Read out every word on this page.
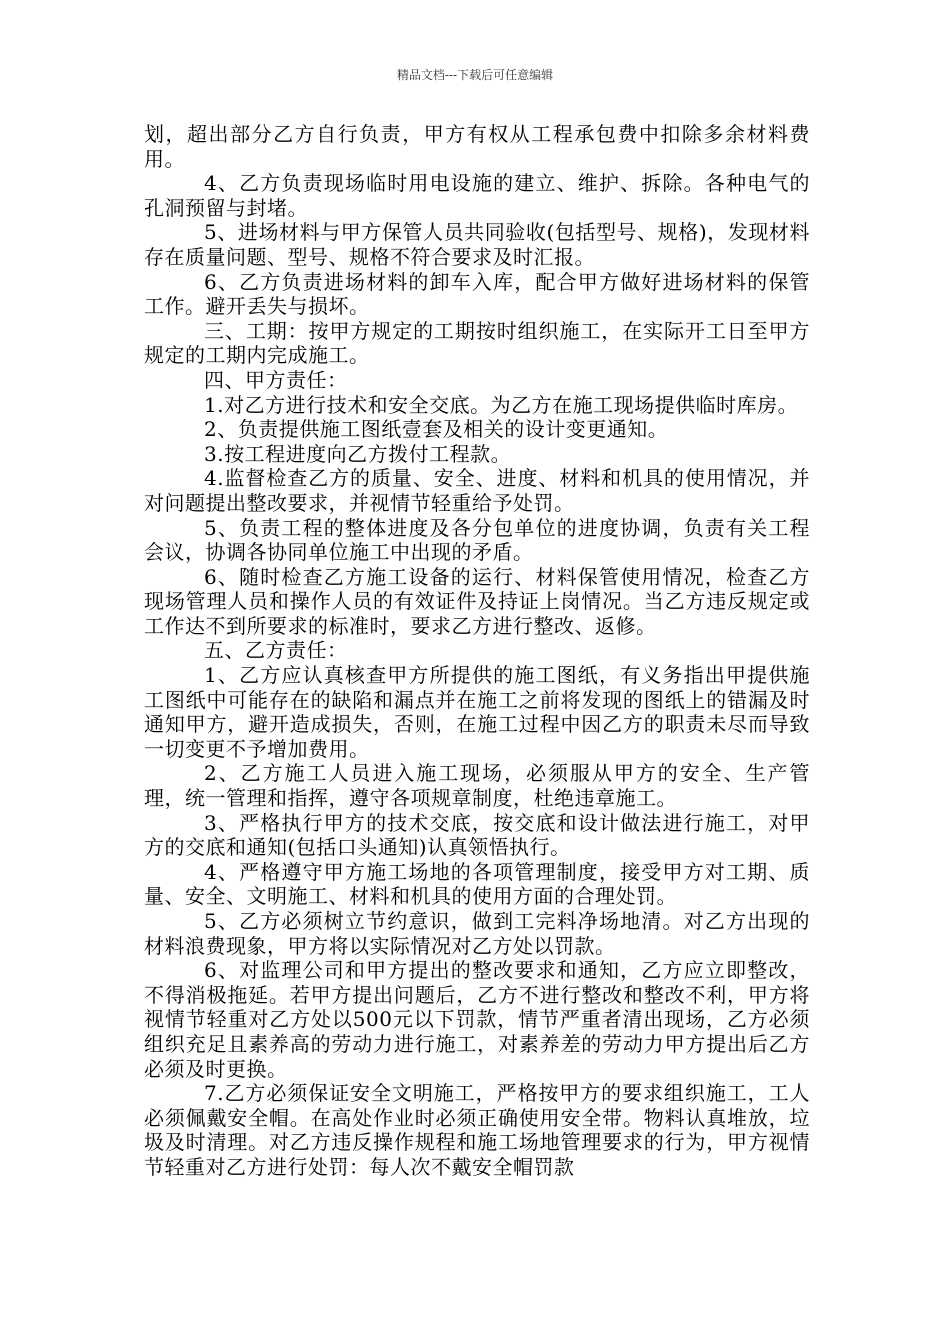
精品文档---下载后可任意编辑

划，超出部分乙方自行负责，甲方有权从工程承包费中扣除多余材料费用。

4、乙方负责现场临时用电设施的建立、维护、拆除。各种电气的孔洞预留与封堵。

5、进场材料与甲方保管人员共同验收(包括型号、规格)，发现材料存在质量问题、型号、规格不符合要求及时汇报。

6、乙方负责进场材料的卸车入库，配合甲方做好进场材料的保管工作。避开丢失与损坏。

三、工期：按甲方规定的工期按时组织施工，在实际开工日至甲方规定的工期内完成施工。

四、甲方责任：

1.对乙方进行技术和安全交底。为乙方在施工现场提供临时库房。

2、负责提供施工图纸壹套及相关的设计变更通知。

3.按工程进度向乙方拨付工程款。

4.监督检查乙方的质量、安全、进度、材料和机具的使用情况，并对问题提出整改要求，并视情节轻重给予处罚。

5、负责工程的整体进度及各分包单位的进度协调，负责有关工程会议，协调各协同单位施工中出现的矛盾。

6、随时检查乙方施工设备的运行、材料保管使用情况，检查乙方现场管理人员和操作人员的有效证件及持证上岗情况。当乙方违反规定或工作达不到所要求的标准时，要求乙方进行整改、返修。

五、乙方责任：

1、乙方应认真核查甲方所提供的施工图纸，有义务指出甲提供施工图纸中可能存在的缺陷和漏点并在施工之前将发现的图纸上的错漏及时通知甲方，避开造成损失，否则，在施工过程中因乙方的职责未尽而导致一切变更不予增加费用。

2、乙方施工人员进入施工现场，必须服从甲方的安全、生产管理，统一管理和指挥，遵守各项规章制度，杜绝违章施工。

3、严格执行甲方的技术交底，按交底和设计做法进行施工，对甲方的交底和通知(包括口头通知)认真领悟执行。

4、严格遵守甲方施工场地的各项管理制度，接受甲方对工期、质量、安全、文明施工、材料和机具的使用方面的合理处罚。

5、乙方必须树立节约意识，做到工完料净场地清。对乙方出现的材料浪费现象，甲方将以实际情况对乙方处以罚款。

6、对监理公司和甲方提出的整改要求和通知，乙方应立即整改，不得消极拖延。若甲方提出问题后，乙方不进行整改和整改不利，甲方将视情节轻重对乙方处以500元以下罚款，情节严重者清出现场，乙方必须组织充足且素养高的劳动力进行施工，对素养差的劳动力甲方提出后乙方必须及时更换。

7.乙方必须保证安全文明施工，严格按甲方的要求组织施工，工人必须佩戴安全帽。在高处作业时必须正确使用安全带。物料认真堆放，垃圾及时清理。对乙方违反操作规程和施工场地管理要求的行为，甲方视情节轻重对乙方进行处罚：每人次不戴安全帽罚款
